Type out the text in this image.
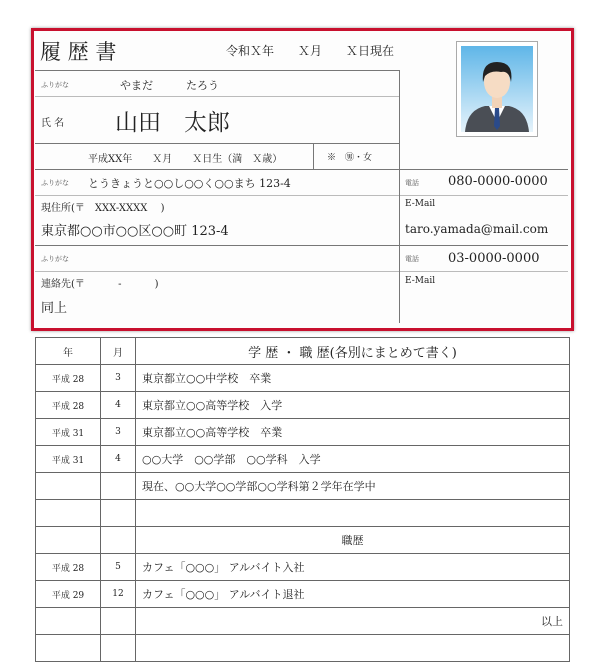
履 歴 書	令和Ｘ年　　Ｘ月　　Ｘ日現在
ふりがな	やまだ　　　たろう
氏 名 山田　太郎
平成XX年　　Ｘ月　　Ｘ日生（満　Ｘ歳）	※　㊚・女
ふりがな とうきょうと○○し○○く○○まち 123-4
現住所(〒　XXX-XXXX　 )
東京都○○市○○区○○町 123-4
電話 080-0000-0000
E-Mail
taro.yamada@mail.com
ふりがな
連絡先(〒　　　 -　　　 )
同上
電話 03-0000-0000
E-Mail
年	月	学 歴 ・ 職 歴(各別にまとめて書く)
平成 28	3	東京都立○○中学校　卒業
平成 28	4	東京都立○○高等学校　入学
平成 31	3	東京都立○○高等学校　卒業
平成 31	4	○○大学　○○学部　○○学科　入学
		現在、○○大学○○学部○○学科第２学年在学中

		職歴
平成 28	5	カフェ「○○○」 アルバイト入社
平成 29	12	カフェ「○○○」 アルバイト退社
		以上
